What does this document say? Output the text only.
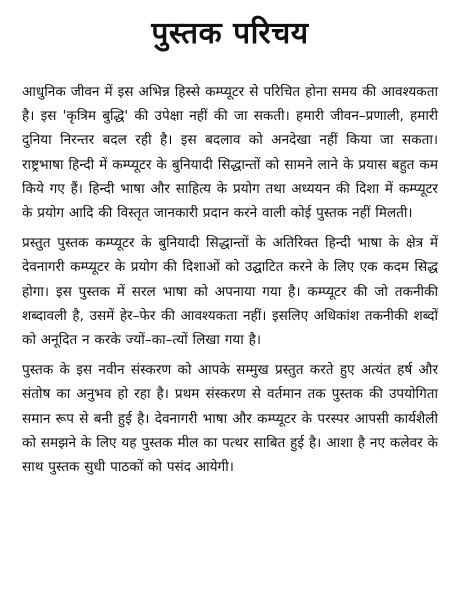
पुस्तक परिचय

आधुनिक जीवन में इस अभिन्न हिस्से कम्प्यूटर से परिचित होना समय की आवश्यकता है। इस 'कृत्रिम बुद्धि' की उपेक्षा नहीं की जा सकती। हमारी जीवन–प्रणाली, हमारी दुनिया निरन्तर बदल रही है। इस बदलाव को अनदेखा नहीं किया जा सकता। राष्ट्रभाषा हिन्दी में कम्प्यूटर के बुनियादी सिद्धान्तों को सामने लाने के प्रयास बहुत कम किये गए हैं। हिन्दी भाषा और साहित्य के प्रयोग तथा अध्ययन की दिशा में कम्प्यूटर के प्रयोग आदि की विस्तृत जानकारी प्रदान करने वाली कोई पुस्तक नहीं मिलती।

प्रस्तुत पुस्तक कम्प्यूटर के बुनियादी सिद्धान्तों के अतिरिक्त हिन्दी भाषा के क्षेत्र में देवनागरी कम्प्यूटर के प्रयोग की दिशाओं को उद्घाटित करने के लिए एक कदम सिद्ध होगा। इस पुस्तक में सरल भाषा को अपनाया गया है। कम्प्यूटर की जो तकनीकी शब्दावली है, उसमें हेर–फेर की आवश्यकता नहीं। इसलिए अधिकांश तकनीकी शब्दों को अनूदित न करके ज्यों–का–त्यों लिखा गया है।

पुस्तक के इस नवीन संस्करण को आपके सम्मुख प्रस्तुत करते हुए अत्यंत हर्ष और संतोष का अनुभव हो रहा है। प्रथम संस्करण से वर्तमान तक पुस्तक की उपयोगिता समान रूप से बनी हुई है। देवनागरी भाषा और कम्प्यूटर के परस्पर आपसी कार्यशैली को समझने के लिए यह पुस्तक मील का पत्थर साबित हुई है। आशा है नए कलेवर के साथ पुस्तक सुधी पाठकों को पसंद आयेगी।
